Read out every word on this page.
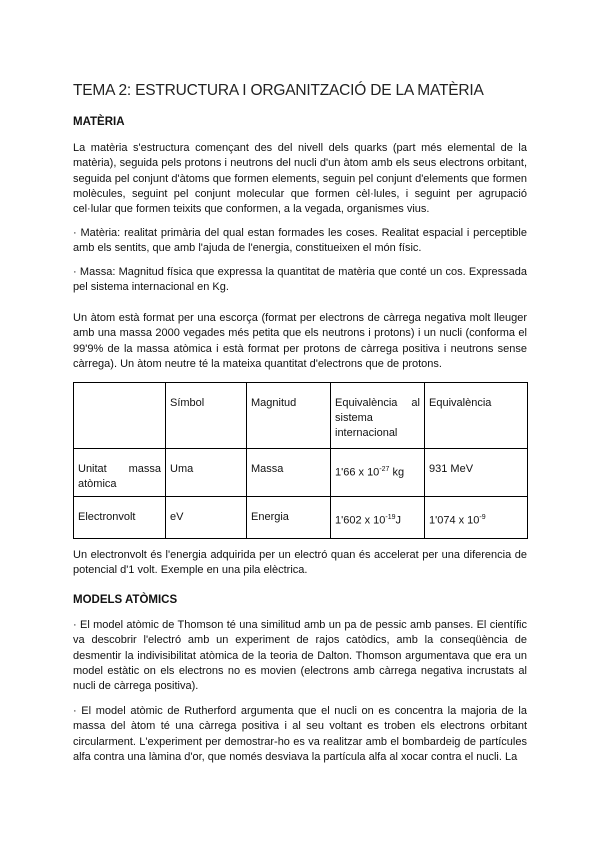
TEMA 2: ESTRUCTURA I ORGANITZACIÓ DE LA MATÈRIA
MATÈRIA
La matèria s'estructura començant des del nivell dels quarks (part més elemental de la matèria), seguida pels protons i neutrons del nucli d'un àtom amb els seus electrons orbitant, seguida pel conjunt d'àtoms que formen elements, seguin pel conjunt d'elements que formen molècules, seguint pel conjunt molecular que formen cèl·lules, i seguint per agrupació cel·lular que formen teixits que conformen, a la vegada, organismes vius.
· Matèria: realitat primària del qual estan formades les coses. Realitat espacial i perceptible amb els sentits, que amb l'ajuda de l'energia, constitueixen el món físic.
· Massa: Magnitud física que expressa la quantitat de matèria que conté un cos. Expressada pel sistema internacional en Kg.
Un àtom està format per una escorça (format per electrons de càrrega negativa molt lleuger amb una massa 2000 vegades més petita que els neutrons i protons) i un nucli (conforma el 99'9% de la massa atòmica i està format per protons de càrrega positiva i neutrons sense càrrega). Un àtom neutre té la mateixa quantitat d'electrons que de protons.

	Símbol	Magnitud	Equivalència al sistema internacional	Equivalència

Unitat massa atòmica	Uma	Massa	1'66 x $10^{-27}$ kg	931 MeV

Electronvolt	eV	Energia	1'602 x $10^{-19}J$	1'074 x $10^{-9}$
Un electronvolt és l'energia adquirida per un electró quan és accelerat per una diferencia de potencial d'1 volt. Exemple en una pila elèctrica.
MODELS ATÒMICS
· El model atòmic de Thomson té una similitud amb un pa de pessic amb panses. El científic va descobrir l'electró amb un experiment de rajos catòdics, amb la conseqüència de desmentir la indivisibilitat atòmica de la teoria de Dalton. Thomson argumentava que era un model estàtic on els electrons no es movien (electrons amb càrrega negativa incrustats al nucli de càrrega positiva).
· El model atòmic de Rutherford argumenta que el nucli on es concentra la majoria de la massa del àtom té una càrrega positiva i al seu voltant es troben els electrons orbitant circularment. L'experiment per demostrar-ho es va realitzar amb el bombardeig de partícules alfa contra una làmina d'or, que només desviava la partícula alfa al xocar contra el nucli. La
